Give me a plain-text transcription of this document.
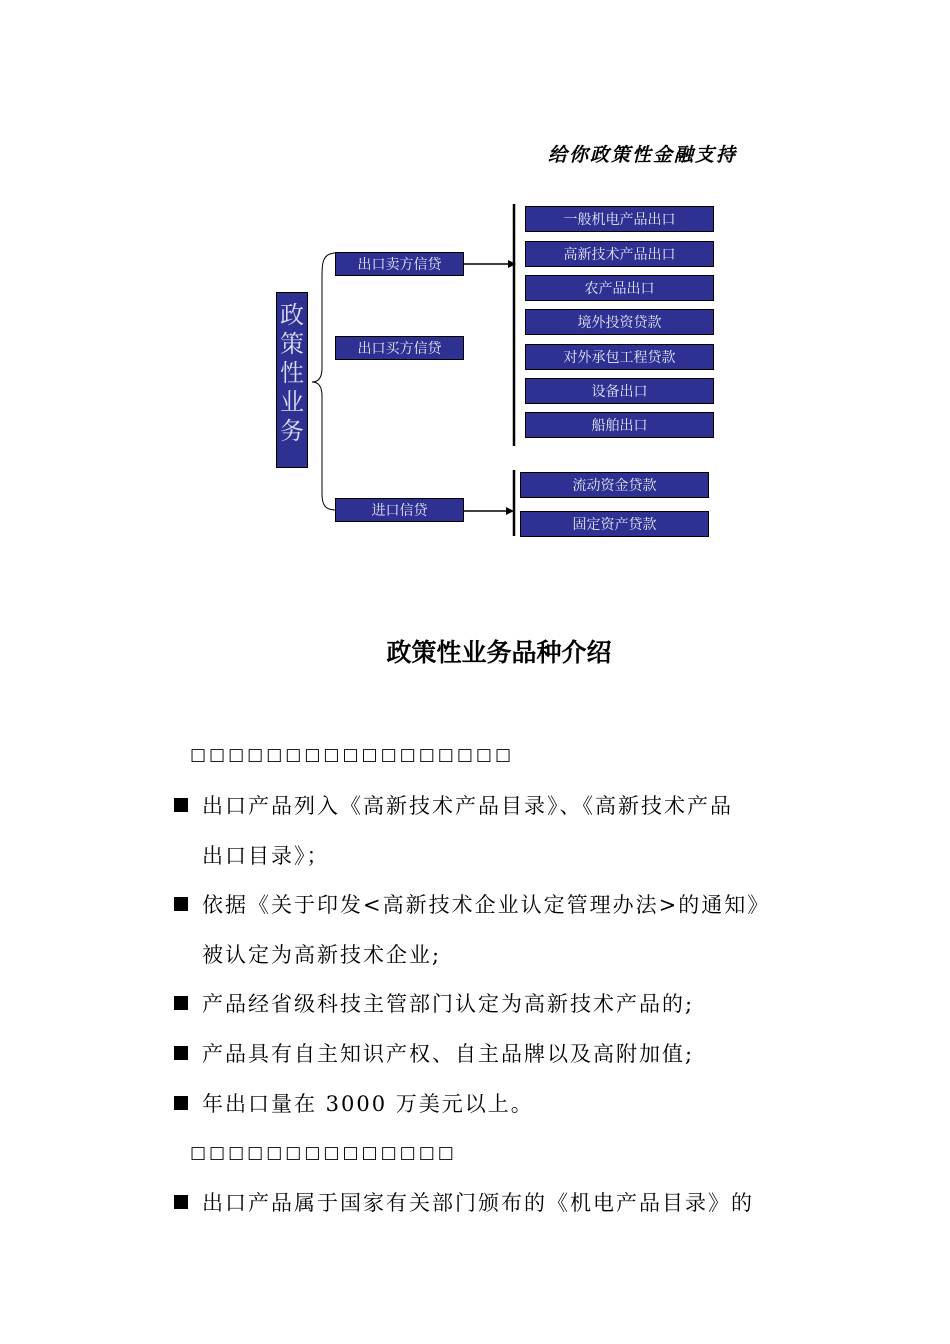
给你政策性金融支持
政
策
性
业
务
出口卖方信贷
出口买方信贷
进口信贷
一般机电产品出口
高新技术产品出口
农产品出口
境外投资贷款
对外承包工程贷款
设备出口
船舶出口
流动资金贷款
固定资产贷款
政策性业务品种介绍
□□□□□□□□□□□□□□□□□
出口产品列入《高新技术产品目录》、《高新技术产品
出口目录》；
依据《关于印发<高新技术企业认定管理办法>的通知》
被认定为高新技术企业;
产品经省级科技主管部门认定为高新技术产品的;
产品具有自主知识产权、自主品牌以及高附加值;
年出口量在 3000 万美元以上。
□□□□□□□□□□□□□□
出口产品属于国家有关部门颁布的《机电产品目录》的
